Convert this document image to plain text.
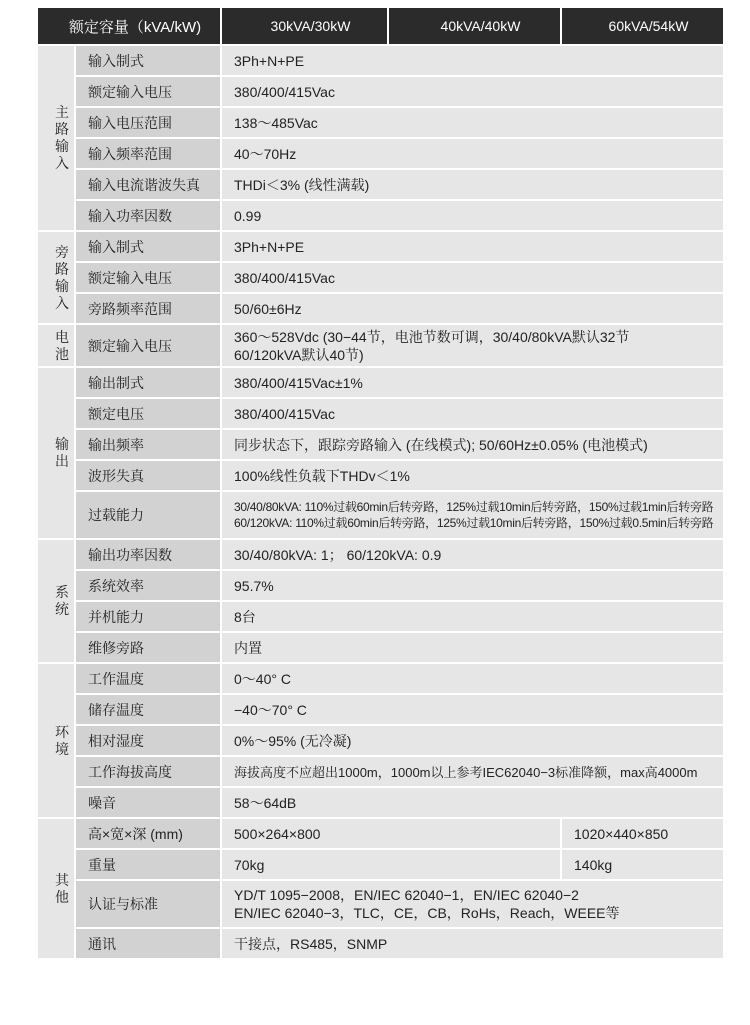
额定容量（kVA/kW)		30kVA/30kW	40kVA/40kW	60kVA/54kW
主路输入	输入制式	3Ph+N+PE		
	额定输入电压	380/400/415Vac		
	输入电压范围	138～485Vac		
	输入频率范围	40～70Hz		
	输入电流谐波失真	THDi＜3% (线性满载)		
	输入功率因数	0.99		
旁路输入	输入制式	3Ph+N+PE		
	额定输入电压	380/400/415Vac		
	旁路频率范围	50/60±6Hz		
电池	额定输入电压	360～528Vdc (30−44节，电池节数可调，30/40/80kVA默认32节
60/120kVA默认40节)		

输出	输出制式	380/400/415Vac±1%		
	额定电压	380/400/415Vac		
	输出频率	同步状态下，跟踪旁路输入 (在线模式); 50/60Hz±0.05% (电池模式)		
	波形失真	100%线性负载下THDv＜1%		
	过载能力	30/40/80kVA: 110%过载60min后转旁路，125%过载10min后转旁路，150%过载1min后转旁路
60/120kVA: 110%过载60min后转旁路，125%过载10min后转旁路，150%过载0.5min后转旁路		

系统	输出功率因数	30/40/80kVA: 1； 60/120kVA: 0.9		
	系统效率	95.7%		
	并机能力	8台		
	维修旁路	内置		
环境	工作温度	0～40° C		
	储存温度	−40～70° C		
	相对湿度	0%～95% (无冷凝)		
	工作海拔高度	海拔高度不应超出1000m，1000m以上参考IEC62040−3标准降额，max高4000m		
	噪音	58～64dB		
其他	高×宽×深 (mm)	500×264×800		1020×440×850
	重量	70kg		140kg
	认证与标准	YD/T 1095−2008，EN/IEC 62040−1，EN/IEC 62040−2
EN/IEC 62040−3，TLC，CE，CB，RoHs，Reach，WEEE等		

	通讯	干接点，RS485，SNMP		
